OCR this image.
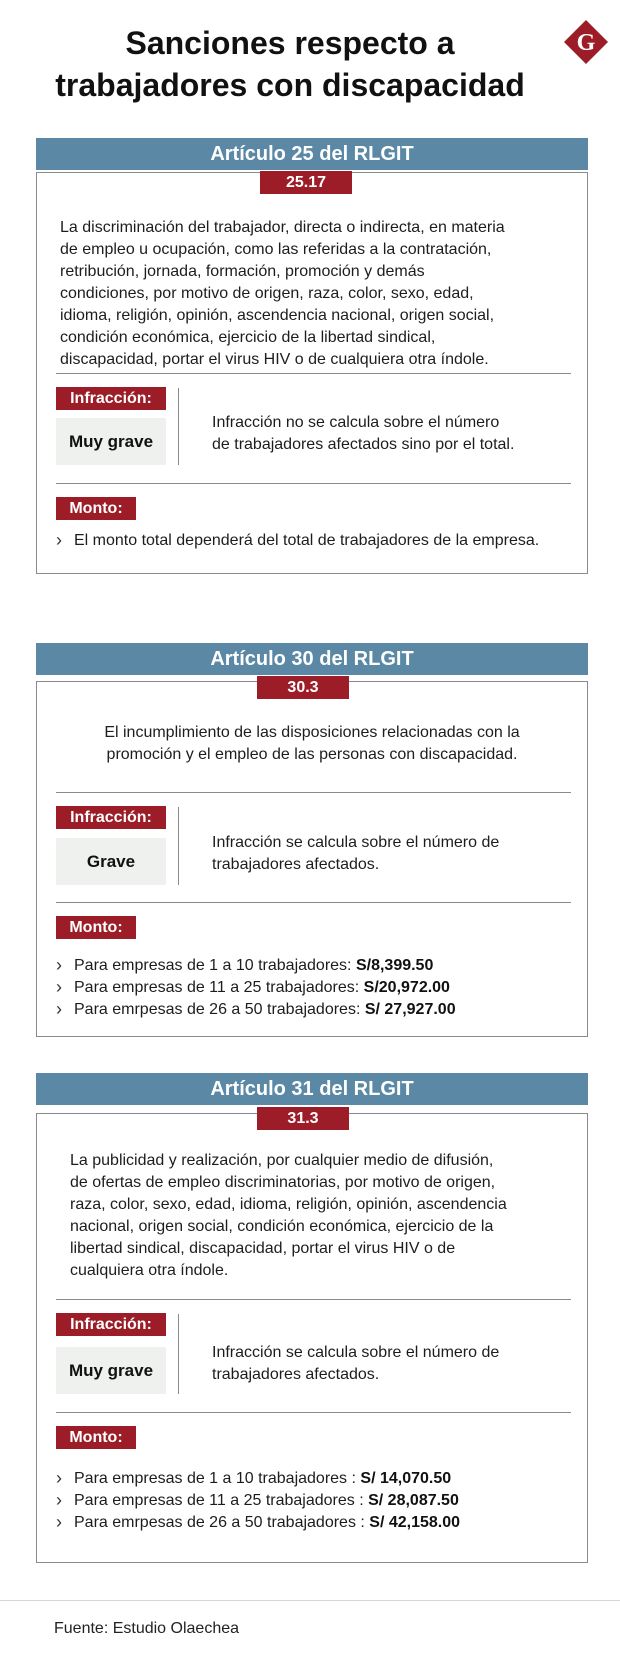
Sanciones respecto a
trabajadores con discapacidad
G
Artículo 25 del RLGIT
25.17
La discriminación del trabajador, directa o indirecta, en materia
de empleo u ocupación, como las referidas a la contratación,
retribución, jornada, formación, promoción y demás
condiciones, por motivo de origen, raza, color, sexo, edad,
idioma, religión, opinión, ascendencia nacional, origen social,
condición económica, ejercicio de la libertad sindical,
discapacidad, portar el virus HIV o de cualquiera otra índole.
Infracción:
Muy grave
Infracción no se calcula sobre el número
de trabajadores afectados sino por el total.
Monto:
› El monto total dependerá del total de trabajadores de la empresa.
Artículo 30 del RLGIT
30.3
El incumplimiento de las disposiciones relacionadas con la
promoción y el empleo de las personas con discapacidad.
Infracción:
Grave
Infracción se calcula sobre el número de
trabajadores afectados.
Monto:
› Para empresas de 1 a 10 trabajadores: S/8,399.50
› Para empresas de 11 a 25 trabajadores: S/20,972.00
› Para emrpesas de 26 a 50 trabajadores: S/ 27,927.00
Artículo 31 del RLGIT
31.3
La publicidad y realización, por cualquier medio de difusión,
de ofertas de empleo discriminatorias, por motivo de origen,
raza, color, sexo, edad, idioma, religión, opinión, ascendencia
nacional, origen social, condición económica, ejercicio de la
libertad sindical, discapacidad, portar el virus HIV o de
cualquiera otra índole.
Infracción:
Muy grave
Infracción se calcula sobre el número de
trabajadores afectados.
Monto:
› Para empresas de 1 a 10 trabajadores : S/ 14,070.50
› Para empresas de 11 a 25 trabajadores : S/ 28,087.50
› Para emrpesas de 26 a 50 trabajadores : S/ 42,158.00
Fuente: Estudio Olaechea
